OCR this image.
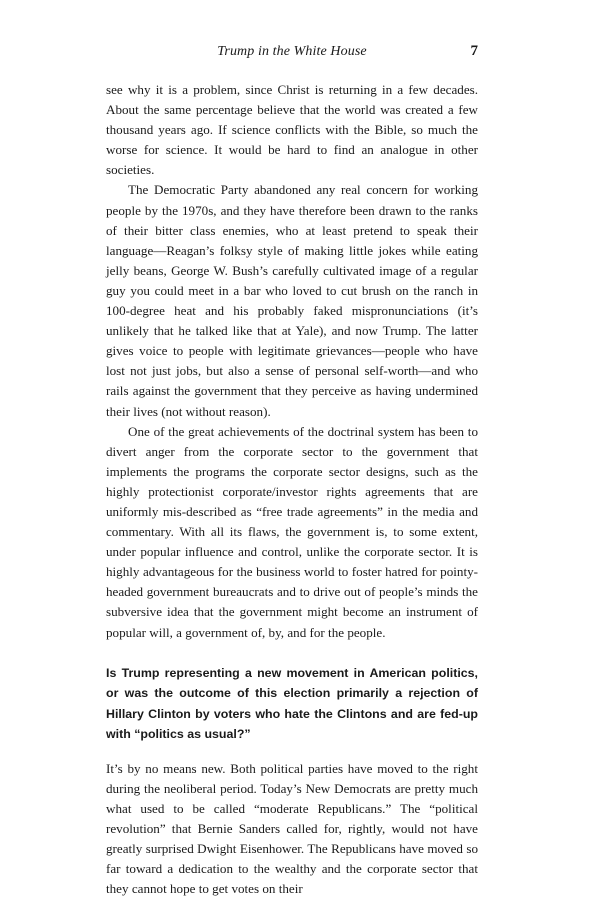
Trump in the White House	7

see why it is a problem, since Christ is returning in a few decades. About the same percentage believe that the world was created a few thousand years ago. If science conflicts with the Bible, so much the worse for science. It would be hard to find an analogue in other societies.

The Democratic Party abandoned any real concern for working people by the 1970s, and they have therefore been drawn to the ranks of their bitter class enemies, who at least pretend to speak their language—Reagan’s folksy style of making little jokes while eating jelly beans, George W. Bush’s carefully cultivated image of a regular guy you could meet in a bar who loved to cut brush on the ranch in 100-degree heat and his probably faked mispronunciations (it’s unlikely that he talked like that at Yale), and now Trump. The latter gives voice to people with legitimate grievances—people who have lost not just jobs, but also a sense of personal self-worth—and who rails against the government that they perceive as having undermined their lives (not without reason).

One of the great achievements of the doctrinal system has been to divert anger from the corporate sector to the government that implements the programs the corporate sector designs, such as the highly protectionist corporate/investor rights agreements that are uniformly mis-described as “free trade agreements” in the media and commentary. With all its flaws, the government is, to some extent, under popular influence and control, unlike the corporate sector. It is highly advantageous for the business world to foster hatred for pointy-headed government bureaucrats and to drive out of people’s minds the subversive idea that the government might become an instrument of popular will, a government of, by, and for the people.

Is Trump representing a new movement in American politics, or was the outcome of this election primarily a rejection of Hillary Clinton by voters who hate the Clintons and are fed-up with “politics as usual?”

It’s by no means new. Both political parties have moved to the right during the neoliberal period. Today’s New Democrats are pretty much what used to be called “moderate Republicans.” The “political revolution” that Bernie Sanders called for, rightly, would not have greatly surprised Dwight Eisenhower. The Republicans have moved so far toward a dedication to the wealthy and the corporate sector that they cannot hope to get votes on their
